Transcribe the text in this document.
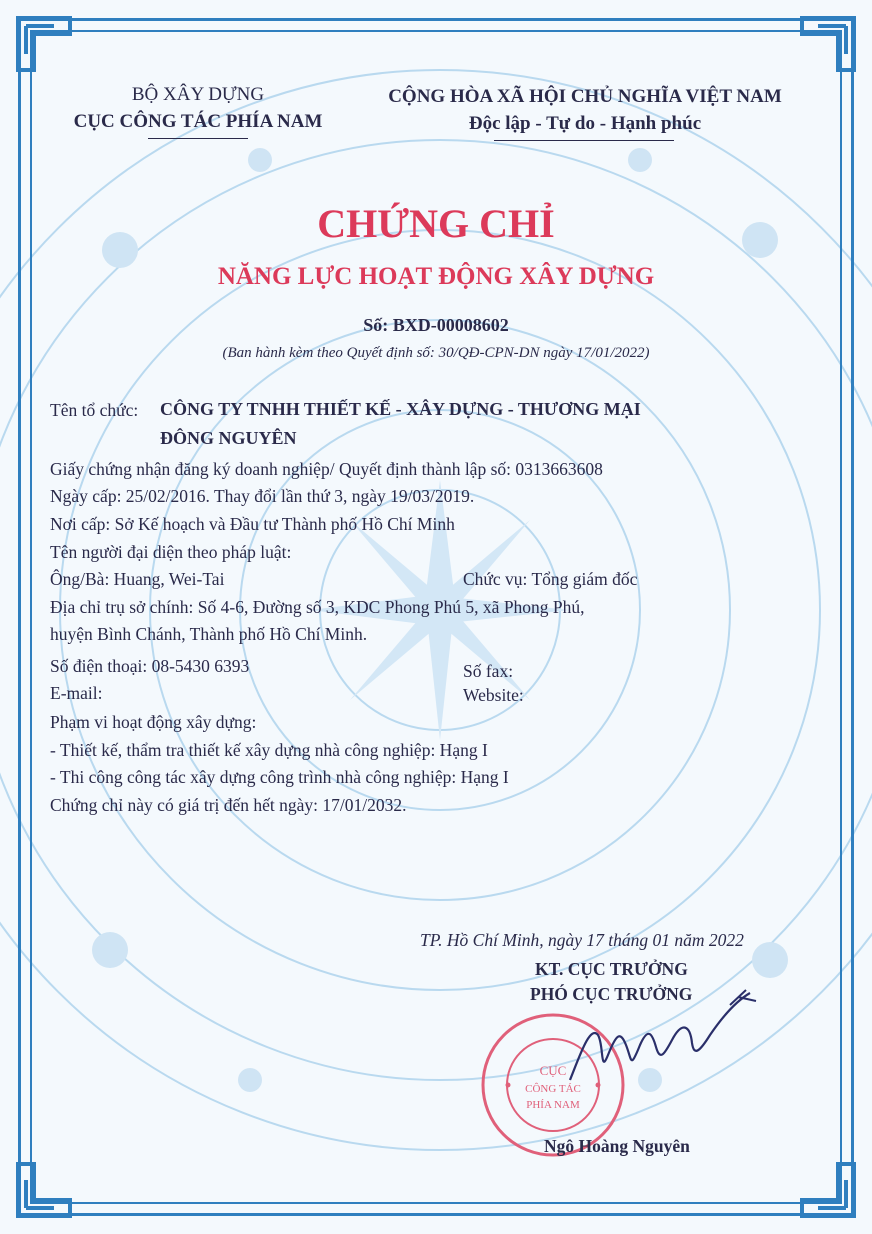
BỘ XÂY DỰNG
CỤC CÔNG TÁC PHÍA NAM
CỘNG HÒA XÃ HỘI CHỦ NGHĨA VIỆT NAM
Độc lập - Tự do - Hạnh phúc
CHỨNG CHỈ
NĂNG LỰC HOẠT ĐỘNG XÂY DỰNG
Số: BXD-00008602
(Ban hành kèm theo Quyết định số: 30/QĐ-CPN-DN ngày 17/01/2022)
Tên tổ chức: CÔNG TY TNHH THIẾT KẾ - XÂY DỰNG - THƯƠNG MẠI
ĐÔNG NGUYÊN
Giấy chứng nhận đăng ký doanh nghiệp/ Quyết định thành lập số: 0313663608
Ngày cấp: 25/02/2016. Thay đổi lần thứ 3, ngày 19/03/2019.
Nơi cấp: Sở Kế hoạch và Đầu tư Thành phố Hồ Chí Minh
Tên người đại diện theo pháp luật:
Ông/Bà: Huang, Wei-Tai	Chức vụ: Tổng giám đốc
Địa chỉ trụ sở chính: Số 4-6, Đường số 3, KDC Phong Phú 5, xã Phong Phú,
huyện Bình Chánh, Thành phố Hồ Chí Minh.
Số điện thoại: 08-5430 6393	Số fax:
E-mail:	Website:
Phạm vi hoạt động xây dựng:
- Thiết kế, thẩm tra thiết kế xây dựng nhà công nghiệp: Hạng I
- Thi công công tác xây dựng công trình nhà công nghiệp: Hạng I
Chứng chỉ này có giá trị đến hết ngày: 17/01/2032.
TP. Hồ Chí Minh, ngày 17 tháng 01 năm 2022
KT. CỤC TRƯỞNG
PHÓ CỤC TRƯỞNG
CỤC
CÔNG TÁC
PHÍA NAM
Ngô Hoàng Nguyên
